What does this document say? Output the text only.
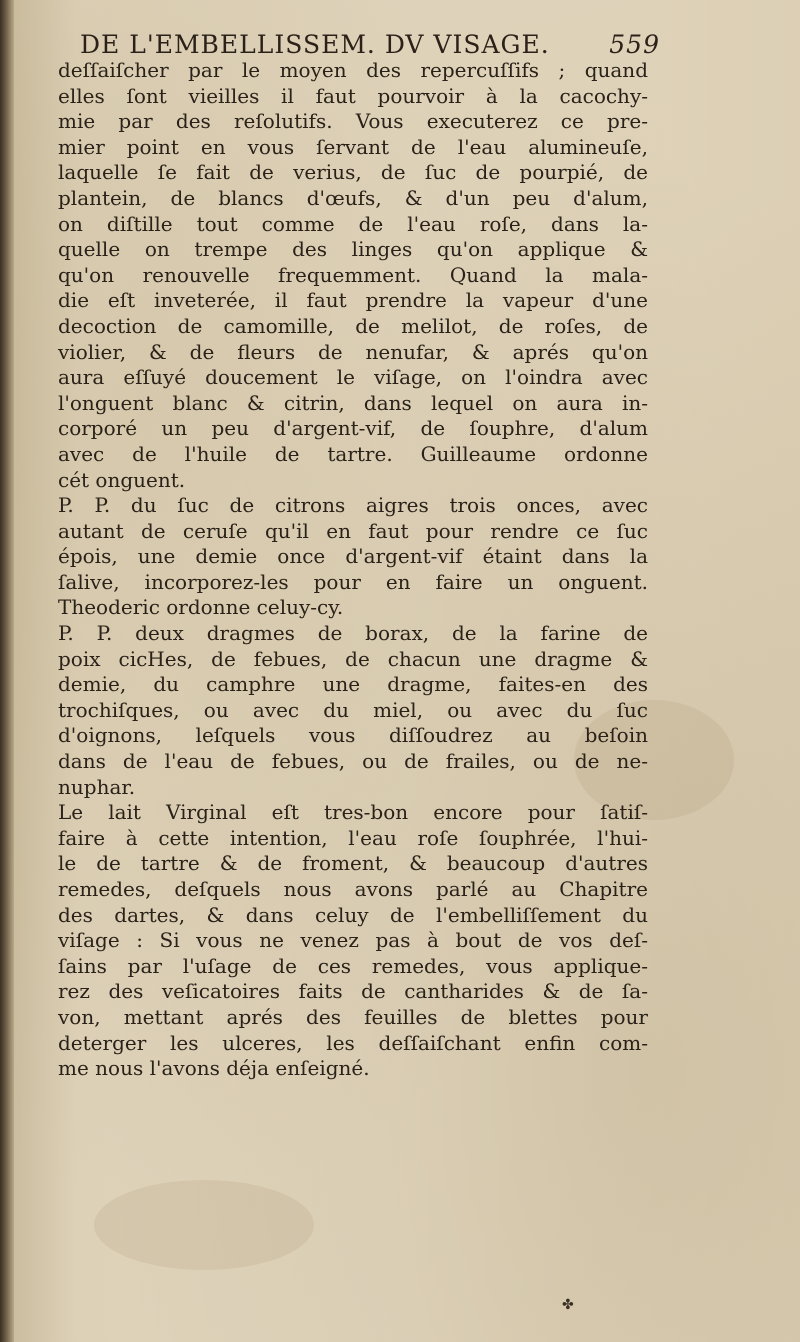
DE L'EMBELLISSEM. DV VISAGE. 559
deſſaiſcher par le moyen des repercuſſifs ; quand
elles ſont vieilles il faut pourvoir à la cacochy-
mie par des reſolutifs. Vous executerez ce pre-
mier point en vous ſervant de l'eau alumineuſe,
laquelle ſe fait de verius, de ſuc de pourpié, de
plantein, de blancs d'œufs, & d'un peu d'alum,
on diſtille tout comme de l'eau roſe, dans la-
quelle on trempe des linges qu'on applique &
qu'on renouvelle frequemment. Quand la mala-
die eſt inveterée, il faut prendre la vapeur d'une
decoction de camomille, de melilot, de roſes, de
violier, & de fleurs de nenufar, & aprés qu'on
aura eſſuyé doucement le viſage, on l'oindra avec
l'onguent blanc & citrin, dans lequel on aura in-
corporé un peu d'argent-vif, de ſouphre, d'alum
avec de l'huile de tartre. Guilleaume ordonne
cét onguent.
P. P. du ſuc de citrons aigres trois onces, avec
autant de ceruſe qu'il en faut pour rendre ce ſuc
épois, une demie once d'argent-vif étaint dans la
ſalive, incorporez-les pour en faire un onguent.
Theoderic ordonne celuy-cy.
P. P. deux dragmes de borax, de la farine de
poix cicHes, de febues, de chacun une dragme &
demie, du camphre une dragme, faites-en des
trochiſques, ou avec du miel, ou avec du ſuc
d'oignons, leſquels vous diſſoudrez au beſoin
dans de l'eau de febues, ou de frailes, ou de ne-
nuphar.
Le lait Virginal eſt tres-bon encore pour ſatiſ-
faire à cette intention, l'eau roſe ſouphrée, l'hui-
le de tartre & de froment, & beaucoup d'autres
remedes, deſquels nous avons parlé au Chapitre
des dartes, & dans celuy de l'embelliſſement du
viſage : Si vous ne venez pas à bout de vos deſ-
ſains par l'uſage de ces remedes, vous applique-
rez des veſicatoires faits de cantharides & de ſa-
von, mettant aprés des feuilles de blettes pour
deterger les ulceres, les deſſaiſchant enfin com-
me nous l'avons déja enſeigné.
✤
